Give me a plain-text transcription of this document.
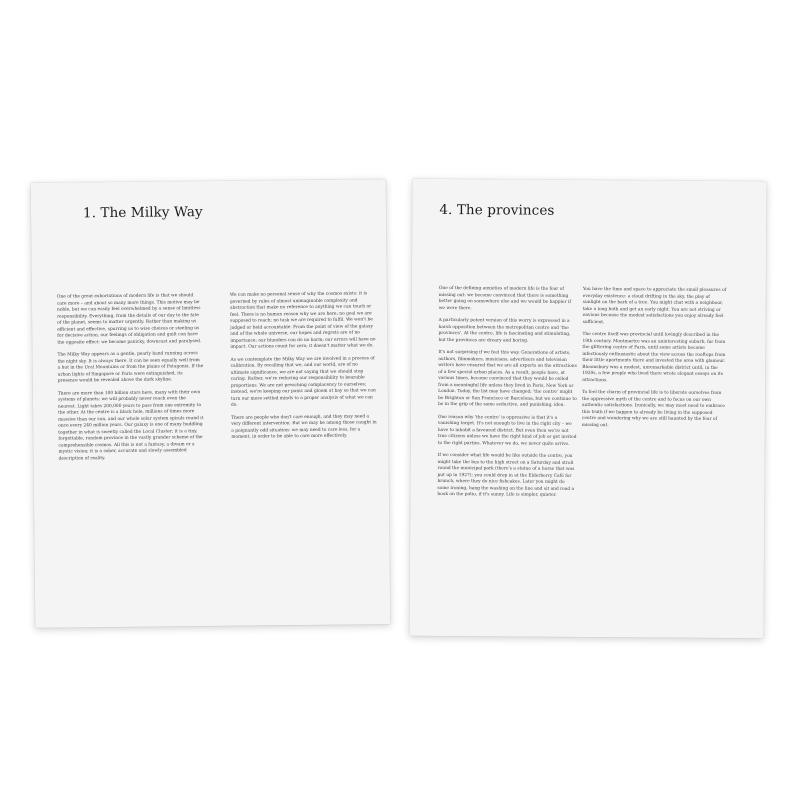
1. The Milky Way

One of the great exhortations of modern life is that we should care more – and about so many more things. This motive may be noble, but we can easily feel overwhelmed by a sense of limitless responsibility. Everything, from the details of our day to the fate of the planet, seems to matter urgently. Rather than making us efficient and effective, spurring us to wise choices or steeling us for decisive action, our feelings of obligation and guilt can have the opposite effect: we become panicky, downcast and paralysed.

The Milky Way appears as a gentle, pearly band running across the night sky. It is always there. It can be seen equally well from a hut in the Ural Mountains or from the plains of Patagonia. If the urban lights of Singapore or Paris were extinguished, its presence would be revealed above the dark skyline.

There are more than 100 billion stars here, many with their own systems of planets; we will probably never reach even the nearest. Light takes 200,000 years to pass from one extremity to the other. At the centre is a black hole, millions of times more massive than our sun, and our whole solar system spirals round it once every 240 million years. Our galaxy is one of many huddling together in what is sweetly called the Local Cluster; it is a tiny, forgettable, random province in the vastly grander scheme of the comprehensible cosmos. All this is not a fantasy, a dream or a mystic vision; it is a sober, accurate and slowly assembled description of reality.

We can make no personal sense of why the cosmos exists: it is governed by rules of almost unimaginable complexity and abstraction that make no reference to anything we can touch or feel. There is no human reason why we are here; no goal we are supposed to reach; no task we are required to fulfil. We won't be judged or held accountable. From the point of view of the galaxy and of the whole universe, our hopes and regrets are of no importance; our blunders can do no harm; our errors will have no impact. Our actions count for zero; it doesn't matter what we do.

As we contemplate the Milky Way we are involved in a process of calibration. By recalling that we, and our world, are of no ultimate significance, we are not saying that we should stop caring. Rather, we're reducing our responsibility to bearable proportions. We are not preaching complacency to ourselves; instead, we're keeping our panic and gloom at bay so that we can turn our more settled minds to a proper analysis of what we can do.

There are people who don't care enough, and they may need a very different intervention. But we may be among those caught in a poignantly odd situation: we may need to care less, for a moment, in order to be able to care more effectively.

4. The provinces

One of the defining anxieties of modern life is the fear of missing out: we become convinced that there is something better going on somewhere else and we would be happier if we were there.

A particularly potent version of this worry is expressed in a harsh opposition between the metropolitan centre and 'the provinces'. At the centre, life is fascinating and stimulating, but the provinces are dreary and boring.

It's not surprising if we feel this way. Generations of artists, authors, filmmakers, musicians, advertisers and television writers have ensured that we are all experts on the attractions of a few special urban places. As a result, people have, at various times, become convinced that they would be exiled from a meaningful life unless they lived in Paris, New York or London. Today, the list may have changed; 'the centre' might be Brighton or San Francisco or Barcelona, but we continue to be in the grip of the same seductive, and punishing, idea.

One reason why 'the centre' is oppressive is that it's a vanishing target. It's not enough to live in the right city – we have to inhabit a favoured district. But even then we're not true citizens unless we have the right kind of job or get invited to the right parties. Whatever we do, we never quite arrive.

If we consider what life would be like outside the centre, you might take the bus to the high street on a Saturday and stroll round the municipal park (there's a statue of a horse that was put up in 1927); you could drop in at the Elderberry Café for brunch, where they do nice fishcakes. Later you might do some ironing, hang the washing on the line and sit and read a book on the patio, if it's sunny. Life is simpler, quieter.

You have the time and space to appreciate the small pleasures of everyday existence: a cloud drifting in the sky, the play of sunlight on the bark of a tree. You might chat with a neighbour, take a long bath and get an early night. You are not striving or envious because the modest satisfactions you enjoy already feel sufficient.

The centre itself was provincial until lovingly described in the 19th century. Montmartre was an uninteresting suburb, far from the glittering centre of Paris, until some artists became infectiously enthusiastic about the view across the rooftops from their little apartments there and invested the area with glamour. Bloomsbury was a modest, unremarkable district until, in the 1920s, a few people who lived there wrote elegant essays on its attractions.

To feel the charm of provincial life is to liberate ourselves from the oppressive myth of the centre and to focus on our own authentic satisfactions. Ironically, we may most need to embrace this truth if we happen to already be living in the supposed centre and wondering why we are still haunted by the fear of missing out.
